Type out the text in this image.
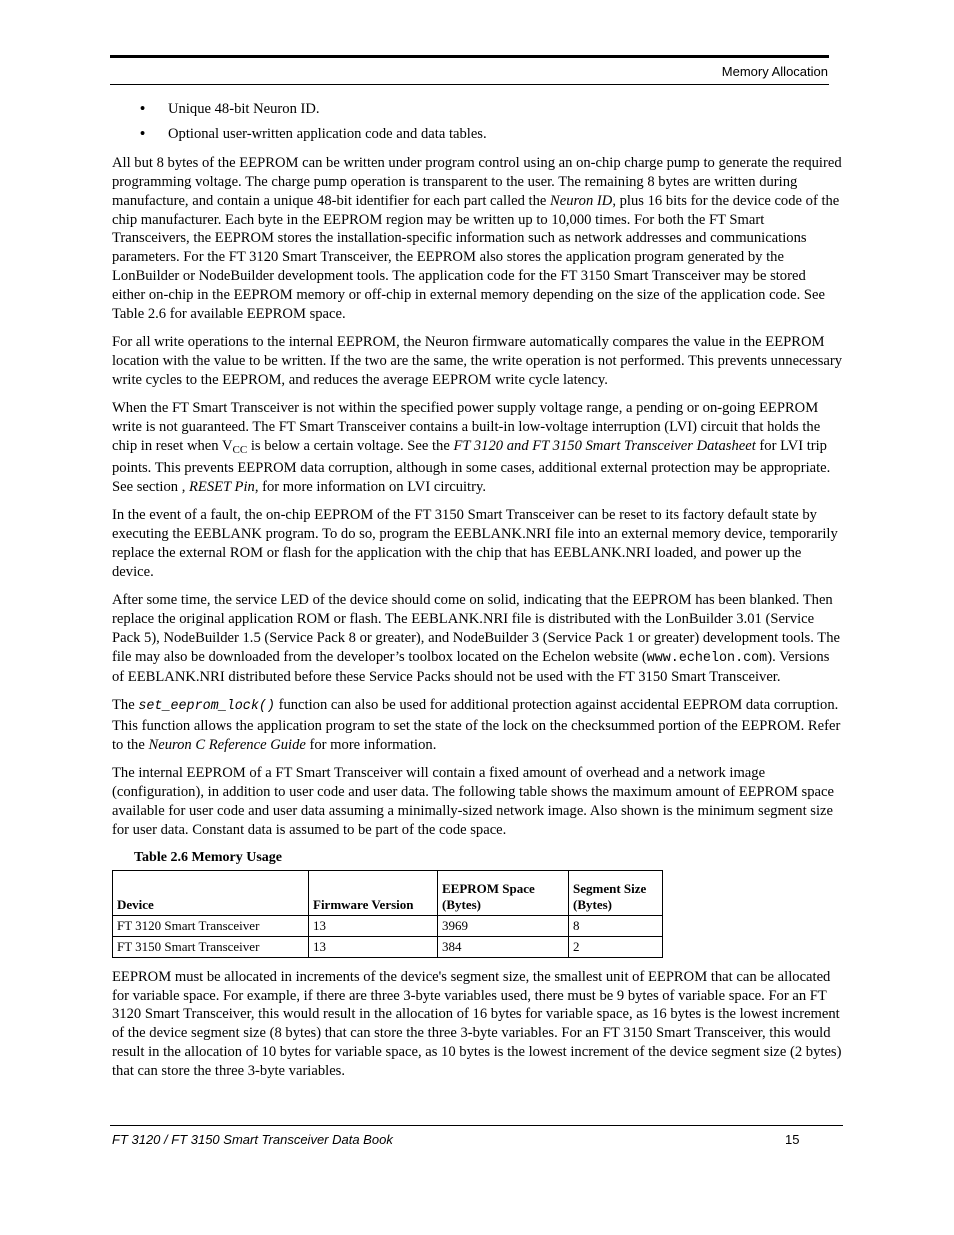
Memory Allocation
• Unique 48-bit Neuron ID.
• Optional user-written application code and data tables.

All but 8 bytes of the EEPROM can be written under program control using an on-chip charge pump to generate the required programming voltage. The charge pump operation is transparent to the user. The remaining 8 bytes are written during manufacture, and contain a unique 48-bit identifier for each part called the Neuron ID, plus 16 bits for the device code of the chip manufacturer. Each byte in the EEPROM region may be written up to 10,000 times. For both the FT Smart Transceivers, the EEPROM stores the installation-specific information such as network addresses and communications parameters. For the FT 3120 Smart Transceiver, the EEPROM also stores the application program generated by the LonBuilder or NodeBuilder development tools. The application code for the FT 3150 Smart Transceiver may be stored either on-chip in the EEPROM memory or off-chip in external memory depending on the size of the application code. See Table 2.6 for available EEPROM space.

For all write operations to the internal EEPROM, the Neuron firmware automatically compares the value in the EEPROM location with the value to be written. If the two are the same, the write operation is not performed. This prevents unnecessary write cycles to the EEPROM, and reduces the average EEPROM write cycle latency.

When the FT Smart Transceiver is not within the specified power supply voltage range, a pending or on-going EEPROM write is not guaranteed. The FT Smart Transceiver contains a built-in low-voltage interruption (LVI) circuit that holds the chip in reset when $V_{CC}$ is below a certain voltage. See the FT 3120 and FT 3150 Smart Transceiver Datasheet for LVI trip points. This prevents EEPROM data corruption, although in some cases, additional external protection may be appropriate. See section , RESET Pin, for more information on LVI circuitry.

In the event of a fault, the on-chip EEPROM of the FT 3150 Smart Transceiver can be reset to its factory default state by executing the EEBLANK program. To do so, program the EEBLANK.NRI file into an external memory device, temporarily replace the external ROM or flash for the application with the chip that has EEBLANK.NRI loaded, and power up the device.

After some time, the service LED of the device should come on solid, indicating that the EEPROM has been blanked. Then replace the original application ROM or flash. The EEBLANK.NRI file is distributed with the LonBuilder 3.01 (Service Pack 5), NodeBuilder 1.5 (Service Pack 8 or greater), and NodeBuilder 3 (Service Pack 1 or greater) development tools. The file may also be downloaded from the developer’s toolbox located on the Echelon website (www.echelon.com). Versions of EEBLANK.NRI distributed before these Service Packs should not be used with the FT 3150 Smart Transceiver.

The set_eeprom_lock() function can also be used for additional protection against accidental EEPROM data corruption. This function allows the application program to set the state of the lock on the checksummed portion of the EEPROM. Refer to the Neuron C Reference Guide for more information.

The internal EEPROM of a FT Smart Transceiver will contain a fixed amount of overhead and a network image (configuration), in addition to user code and user data. The following table shows the maximum amount of EEPROM space available for user code and user data assuming a minimally-sized network image. Also shown is the minimum segment size for user data. Constant data is assumed to be part of the code space.

Table 2.6 Memory Usage
Device	Firmware Version	EEPROM Space (Bytes)	Segment Size (Bytes)
FT 3120 Smart Transceiver	13	3969	8
FT 3150 Smart Transceiver	13	384	2

EEPROM must be allocated in increments of the device's segment size, the smallest unit of EEPROM that can be allocated for variable space. For example, if there are three 3-byte variables used, there must be 9 bytes of variable space. For an FT 3120 Smart Transceiver, this would result in the allocation of 16 bytes for variable space, as 16 bytes is the lowest increment of the device segment size (8 bytes) that can store the three 3-byte variables. For an FT 3150 Smart Transceiver, this would result in the allocation of 10 bytes for variable space, as 10 bytes is the lowest increment of the device segment size (2 bytes) that can store the three 3-byte variables.

FT 3120 / FT 3150 Smart Transceiver Data Book	15
